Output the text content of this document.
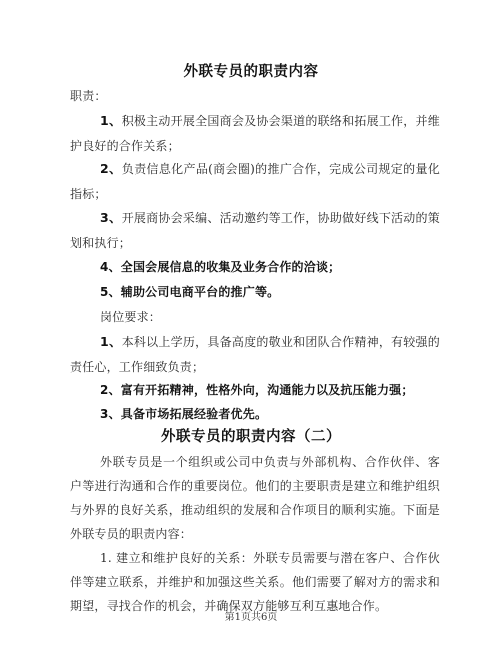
外联专员的职责内容
职责：
1、积极主动开展全国商会及协会渠道的联络和拓展工作，并维护良好的合作关系；
2、负责信息化产品(商会圈)的推广合作，完成公司规定的量化指标；
3、开展商协会采编、活动邀约等工作，协助做好线下活动的策划和执行；
4、全国会展信息的收集及业务合作的洽谈；
5、辅助公司电商平台的推广等。
岗位要求：
1、本科以上学历，具备高度的敬业和团队合作精神，有较强的责任心，工作细致负责；
2、富有开拓精神，性格外向，沟通能力以及抗压能力强；
3、具备市场拓展经验者优先。
外联专员的职责内容（二）
外联专员是一个组织或公司中负责与外部机构、合作伙伴、客户等进行沟通和合作的重要岗位。他们的主要职责是建立和维护组织与外界的良好关系，推动组织的发展和合作项目的顺利实施。下面是外联专员的职责内容：
1. 建立和维护良好的关系：外联专员需要与潜在客户、合作伙伴等建立联系，并维护和加强这些关系。他们需要了解对方的需求和期望，寻找合作的机会，并确保双方能够互利互惠地合作。
第1页共6页
